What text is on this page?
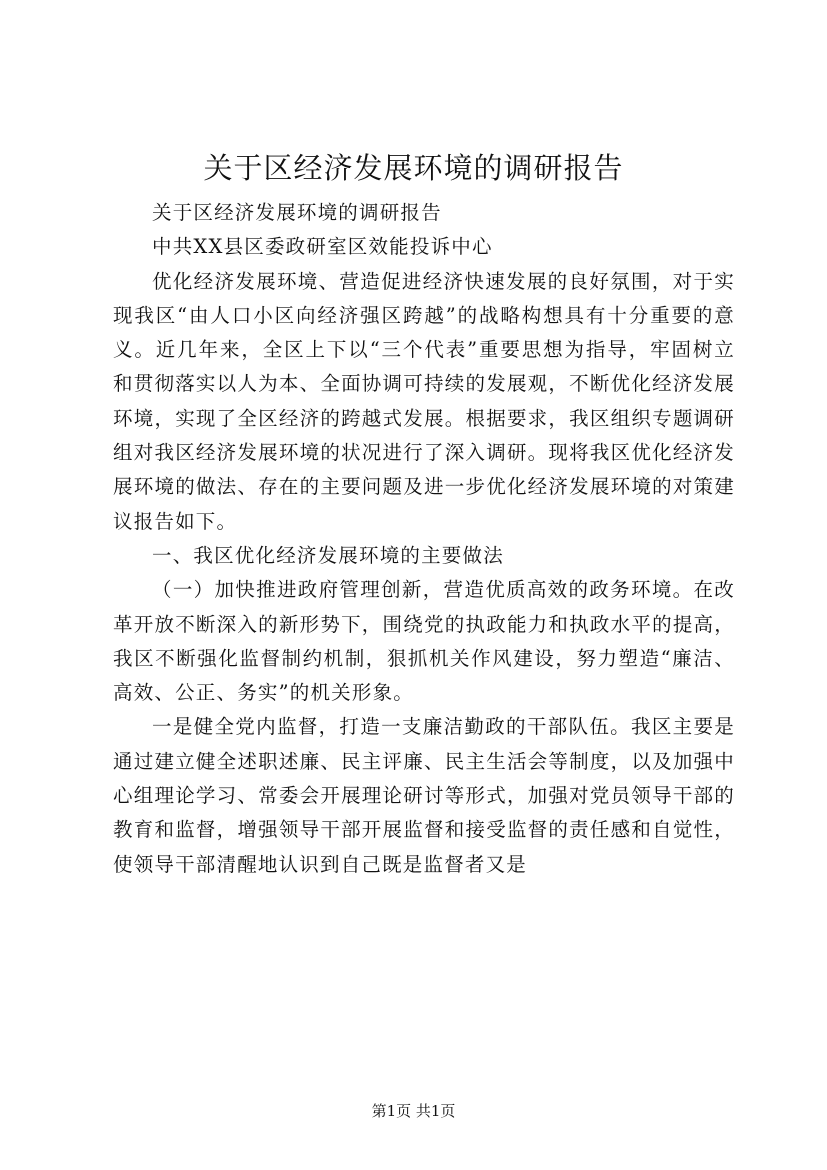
关于区经济发展环境的调研报告

关于区经济发展环境的调研报告

中共XX县区委政研室区效能投诉中心

优化经济发展环境、营造促进经济快速发展的良好氛围，对于实现我区“由人口小区向经济强区跨越”的战略构想具有十分重要的意义。近几年来，全区上下以“三个代表”重要思想为指导，牢固树立和贯彻落实以人为本、全面协调可持续的发展观，不断优化经济发展环境，实现了全区经济的跨越式发展。根据要求，我区组织专题调研组对我区经济发展环境的状况进行了深入调研。现将我区优化经济发展环境的做法、存在的主要问题及进一步优化经济发展环境的对策建议报告如下。

一、我区优化经济发展环境的主要做法

（一）加快推进政府管理创新，营造优质高效的政务环境。在改革开放不断深入的新形势下，围绕党的执政能力和执政水平的提高，我区不断强化监督制约机制，狠抓机关作风建设，努力塑造“廉洁、高效、公正、务实”的机关形象。

一是健全党内监督，打造一支廉洁勤政的干部队伍。我区主要是通过建立健全述职述廉、民主评廉、民主生活会等制度，以及加强中心组理论学习、常委会开展理论研讨等形式，加强对党员领导干部的教育和监督，增强领导干部开展监督和接受监督的责任感和自觉性，使领导干部清醒地认识到自己既是监督者又是

第1页 共1页
